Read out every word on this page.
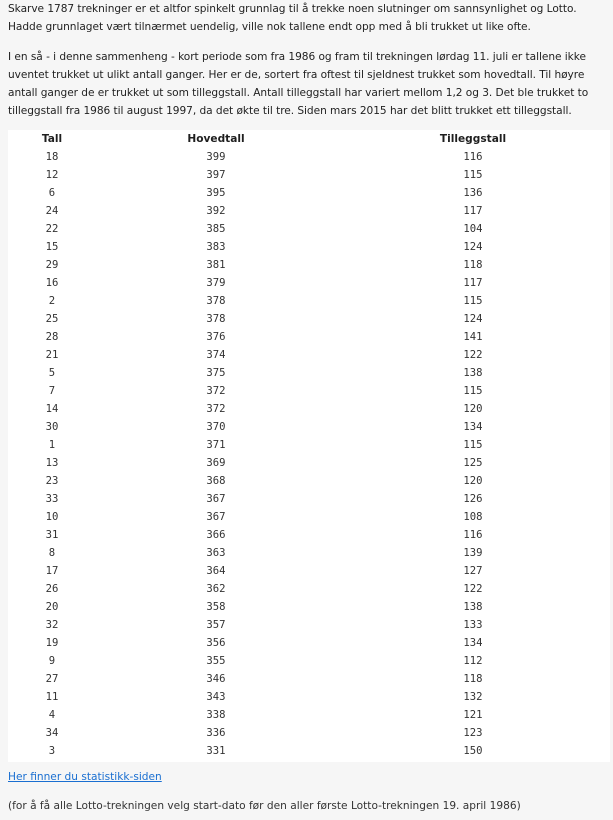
Skarve 1787 trekninger er et altfor spinkelt grunnlag til å trekke noen slutninger om sannsynlighet og Lotto. Hadde grunnlaget vært tilnærmet uendelig, ville nok tallene endt opp med å bli trukket ut like ofte.

I en så - i denne sammenheng - kort periode som fra 1986 og fram til trekningen lørdag 11. juli er tallene ikke uventet trukket ut ulikt antall ganger. Her er de, sortert fra oftest til sjeldnest trukket som hovedtall. Til høyre antall ganger de er trukket ut som tilleggstall. Antall tilleggstall har variert mellom 1,2 og 3. Det ble trukket to tilleggstall fra 1986 til august 1997, da det økte til tre. Siden mars 2015 har det blitt trukket ett tilleggstall.

Tall	Hovedtall	Tilleggstall
18	399	116
12	397	115
6	395	136
24	392	117
22	385	104
15	383	124
29	381	118
16	379	117
2	378	115
25	378	124
28	376	141
21	374	122
5	375	138
7	372	115
14	372	120
30	370	134
1	371	115
13	369	125
23	368	120
33	367	126
10	367	108
31	366	116
8	363	139
17	364	127
26	362	122
20	358	138
32	357	133
19	356	134
9	355	112
27	346	118
11	343	132
4	338	121
34	336	123
3	331	150
Her finner du statistikk-siden
(for å få alle Lotto-trekningen velg start-dato før den aller første Lotto-trekningen 19. april 1986)
